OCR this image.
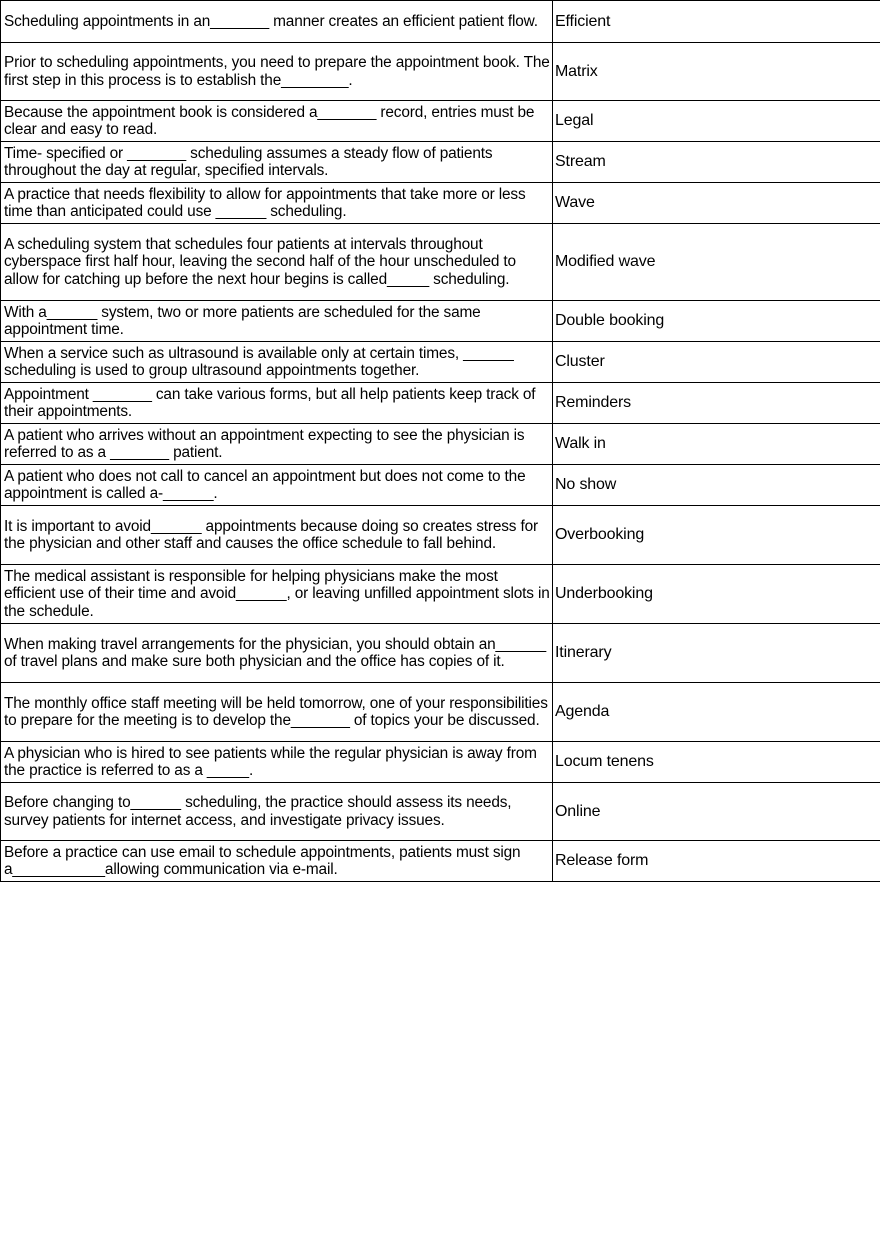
Scheduling appointments in an_______ manner creates an efficient patient flow.	Efficient
Prior to scheduling appointments, you need to prepare the appointment book. The first step in this process is to establish the________.	Matrix
Because the appointment book is considered a_______ record, entries must be clear and easy to read.	Legal
Time- specified or _______ scheduling assumes a steady flow of patients throughout the day at regular, specified intervals.	Stream
A practice that needs flexibility to allow for appointments that take more or less time than anticipated could use ______ scheduling.	Wave
A scheduling system that schedules four patients at intervals throughout cyberspace first half hour, leaving the second half of the hour unscheduled to allow for catching up before the next hour begins is called_____ scheduling.	Modified wave
With a______ system, two or more patients are scheduled for the same appointment time.	Double booking
When a service such as ultrasound is available only at certain times, ______ scheduling is used to group ultrasound appointments together.	Cluster
Appointment _______ can take various forms, but all help patients keep track of their appointments.	Reminders
A patient who arrives without an appointment expecting to see the physician is referred to as a _______ patient.	Walk in
A patient who does not call to cancel an appointment but does not come to the appointment is called a-______.	No show
It is important to avoid______ appointments because doing so creates stress for the physician and other staff and causes the office schedule to fall behind.	Overbooking
The medical assistant is responsible for helping physicians make the most efficient use of their time and avoid______, or leaving unfilled appointment slots in the schedule.	Underbooking
When making travel arrangements for the physician, you should obtain an______ of travel plans and make sure both physician and the office has copies of it.	Itinerary
The monthly office staff meeting will be held tomorrow, one of your responsibilities to prepare for the meeting is to develop the_______ of topics your be discussed.	Agenda
A physician who is hired to see patients while the regular physician is away from the practice is referred to as a _____.	Locum tenens
Before changing to______ scheduling, the practice should assess its needs, survey patients for internet access, and investigate privacy issues.	Online
Before a practice can use email to schedule appointments, patients must sign a___________allowing communication via e-mail.	Release form
